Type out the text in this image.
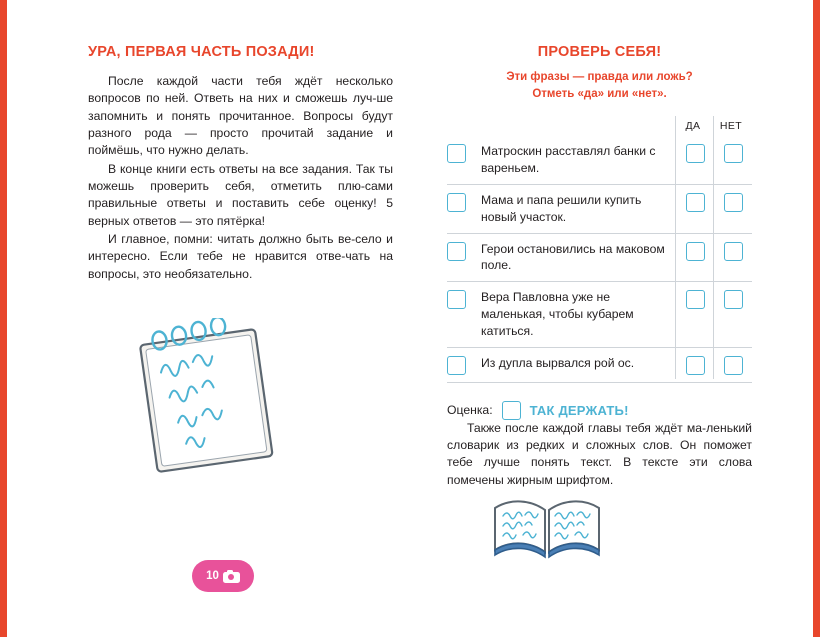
УРА, ПЕРВАЯ ЧАСТЬ ПОЗАДИ!

После каждой части тебя ждёт несколько вопросов по ней. Ответь на них и сможешь луч-ше запомнить и понять прочитанное. Вопросы будут разного рода — просто прочитай задание и поймёшь, что нужно делать.

В конце книги есть ответы на все задания. Так ты можешь проверить себя, отметить плю-сами правильные ответы и поставить себе оценку! 5 верных ответов — это пятёрка!

И главное, помни: читать должно быть ве-село и интересно. Если тебе не нравится отве-чать на вопросы, это необязательно.

ПРОВЕРЬ СЕБЯ!

Эти фразы — правда или ложь?
Отметь «да» или «нет».

ДА	НЕТ
Матроскин расставлял банки с вареньем.
Мама и папа решили купить новый участок.
Герои остановились на маковом поле.
Вера Павловна уже не маленькая, чтобы кубарем катиться.
Из дупла вырвался рой ос.
Оценка:	ТАК ДЕРЖАТЬ!

Также после каждой главы тебя ждёт ма-ленький словарик из редких и сложных слов. Он поможет тебе лучше понять текст. В тексте эти слова помечены жирным шрифтом.

10
